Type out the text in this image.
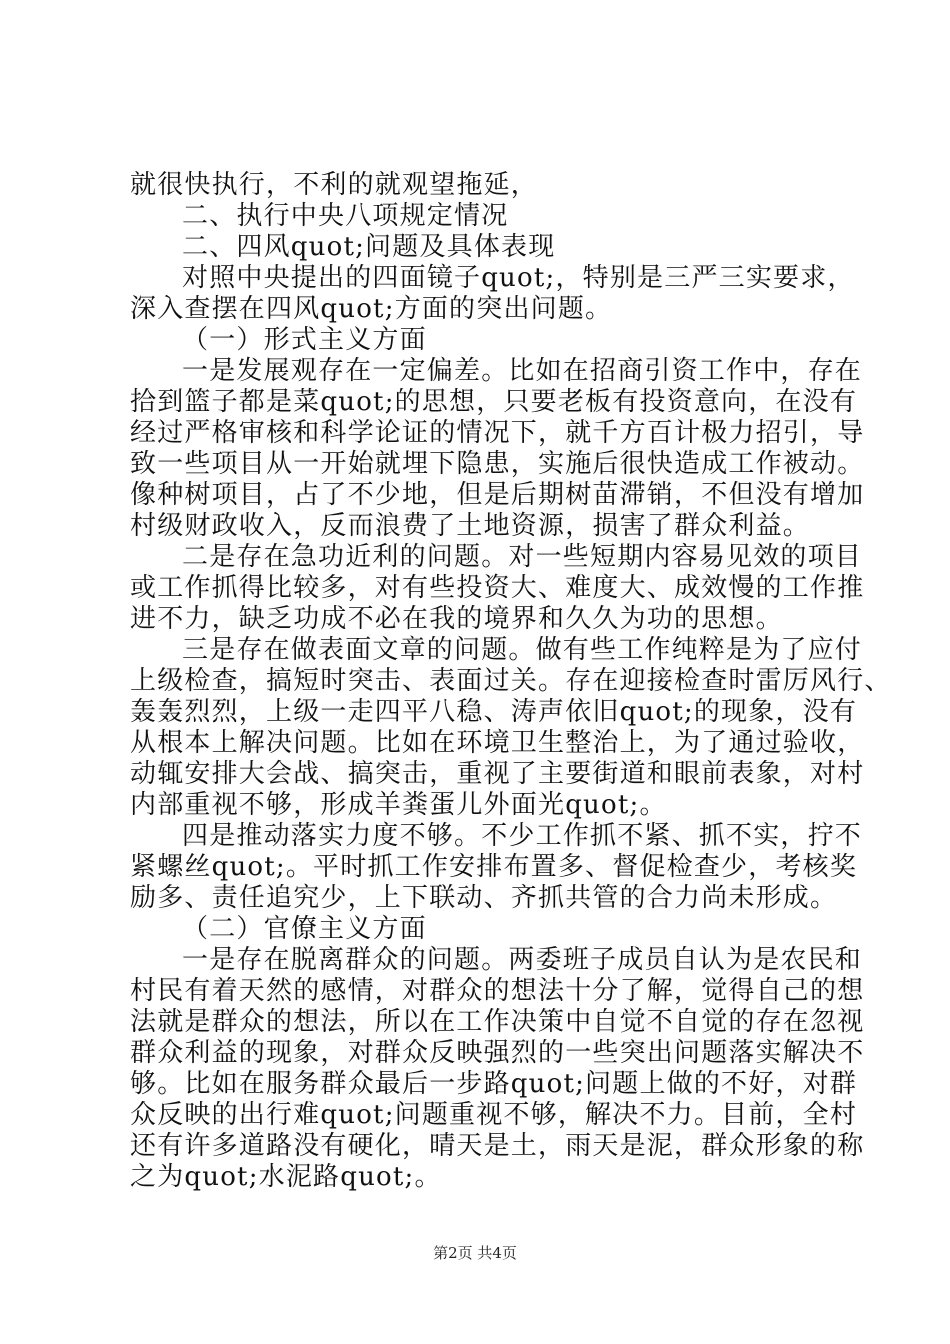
就很快执行，不利的就观望拖延，
二、执行中央八项规定情况
二、四风quot;问题及具体表现
对照中央提出的四面镜子quot;，特别是三严三实要求，
深入查摆在四风quot;方面的突出问题。
（一）形式主义方面
一是发展观存在一定偏差。比如在招商引资工作中，存在
拾到篮子都是菜quot;的思想，只要老板有投资意向，在没有
经过严格审核和科学论证的情况下，就千方百计极力招引，导
致一些项目从一开始就埋下隐患，实施后很快造成工作被动。
像种树项目，占了不少地，但是后期树苗滞销，不但没有增加
村级财政收入，反而浪费了土地资源，损害了群众利益。
二是存在急功近利的问题。对一些短期内容易见效的项目
或工作抓得比较多，对有些投资大、难度大、成效慢的工作推
进不力，缺乏功成不必在我的境界和久久为功的思想。
三是存在做表面文章的问题。做有些工作纯粹是为了应付
上级检查，搞短时突击、表面过关。存在迎接检查时雷厉风行、
轰轰烈烈，上级一走四平八稳、涛声依旧quot;的现象，没有
从根本上解决问题。比如在环境卫生整治上，为了通过验收，
动辄安排大会战、搞突击，重视了主要街道和眼前表象，对村
内部重视不够，形成羊粪蛋儿外面光quot;。
四是推动落实力度不够。不少工作抓不紧、抓不实，拧不
紧螺丝quot;。平时抓工作安排布置多、督促检查少，考核奖
励多、责任追究少，上下联动、齐抓共管的合力尚未形成。
（二）官僚主义方面
一是存在脱离群众的问题。两委班子成员自认为是农民和
村民有着天然的感情，对群众的想法十分了解，觉得自己的想
法就是群众的想法，所以在工作决策中自觉不自觉的存在忽视
群众利益的现象，对群众反映强烈的一些突出问题落实解决不
够。比如在服务群众最后一步路quot;问题上做的不好，对群
众反映的出行难quot;问题重视不够，解决不力。目前，全村
还有许多道路没有硬化，晴天是土，雨天是泥，群众形象的称
之为quot;水泥路quot;。
第2页 共4页
